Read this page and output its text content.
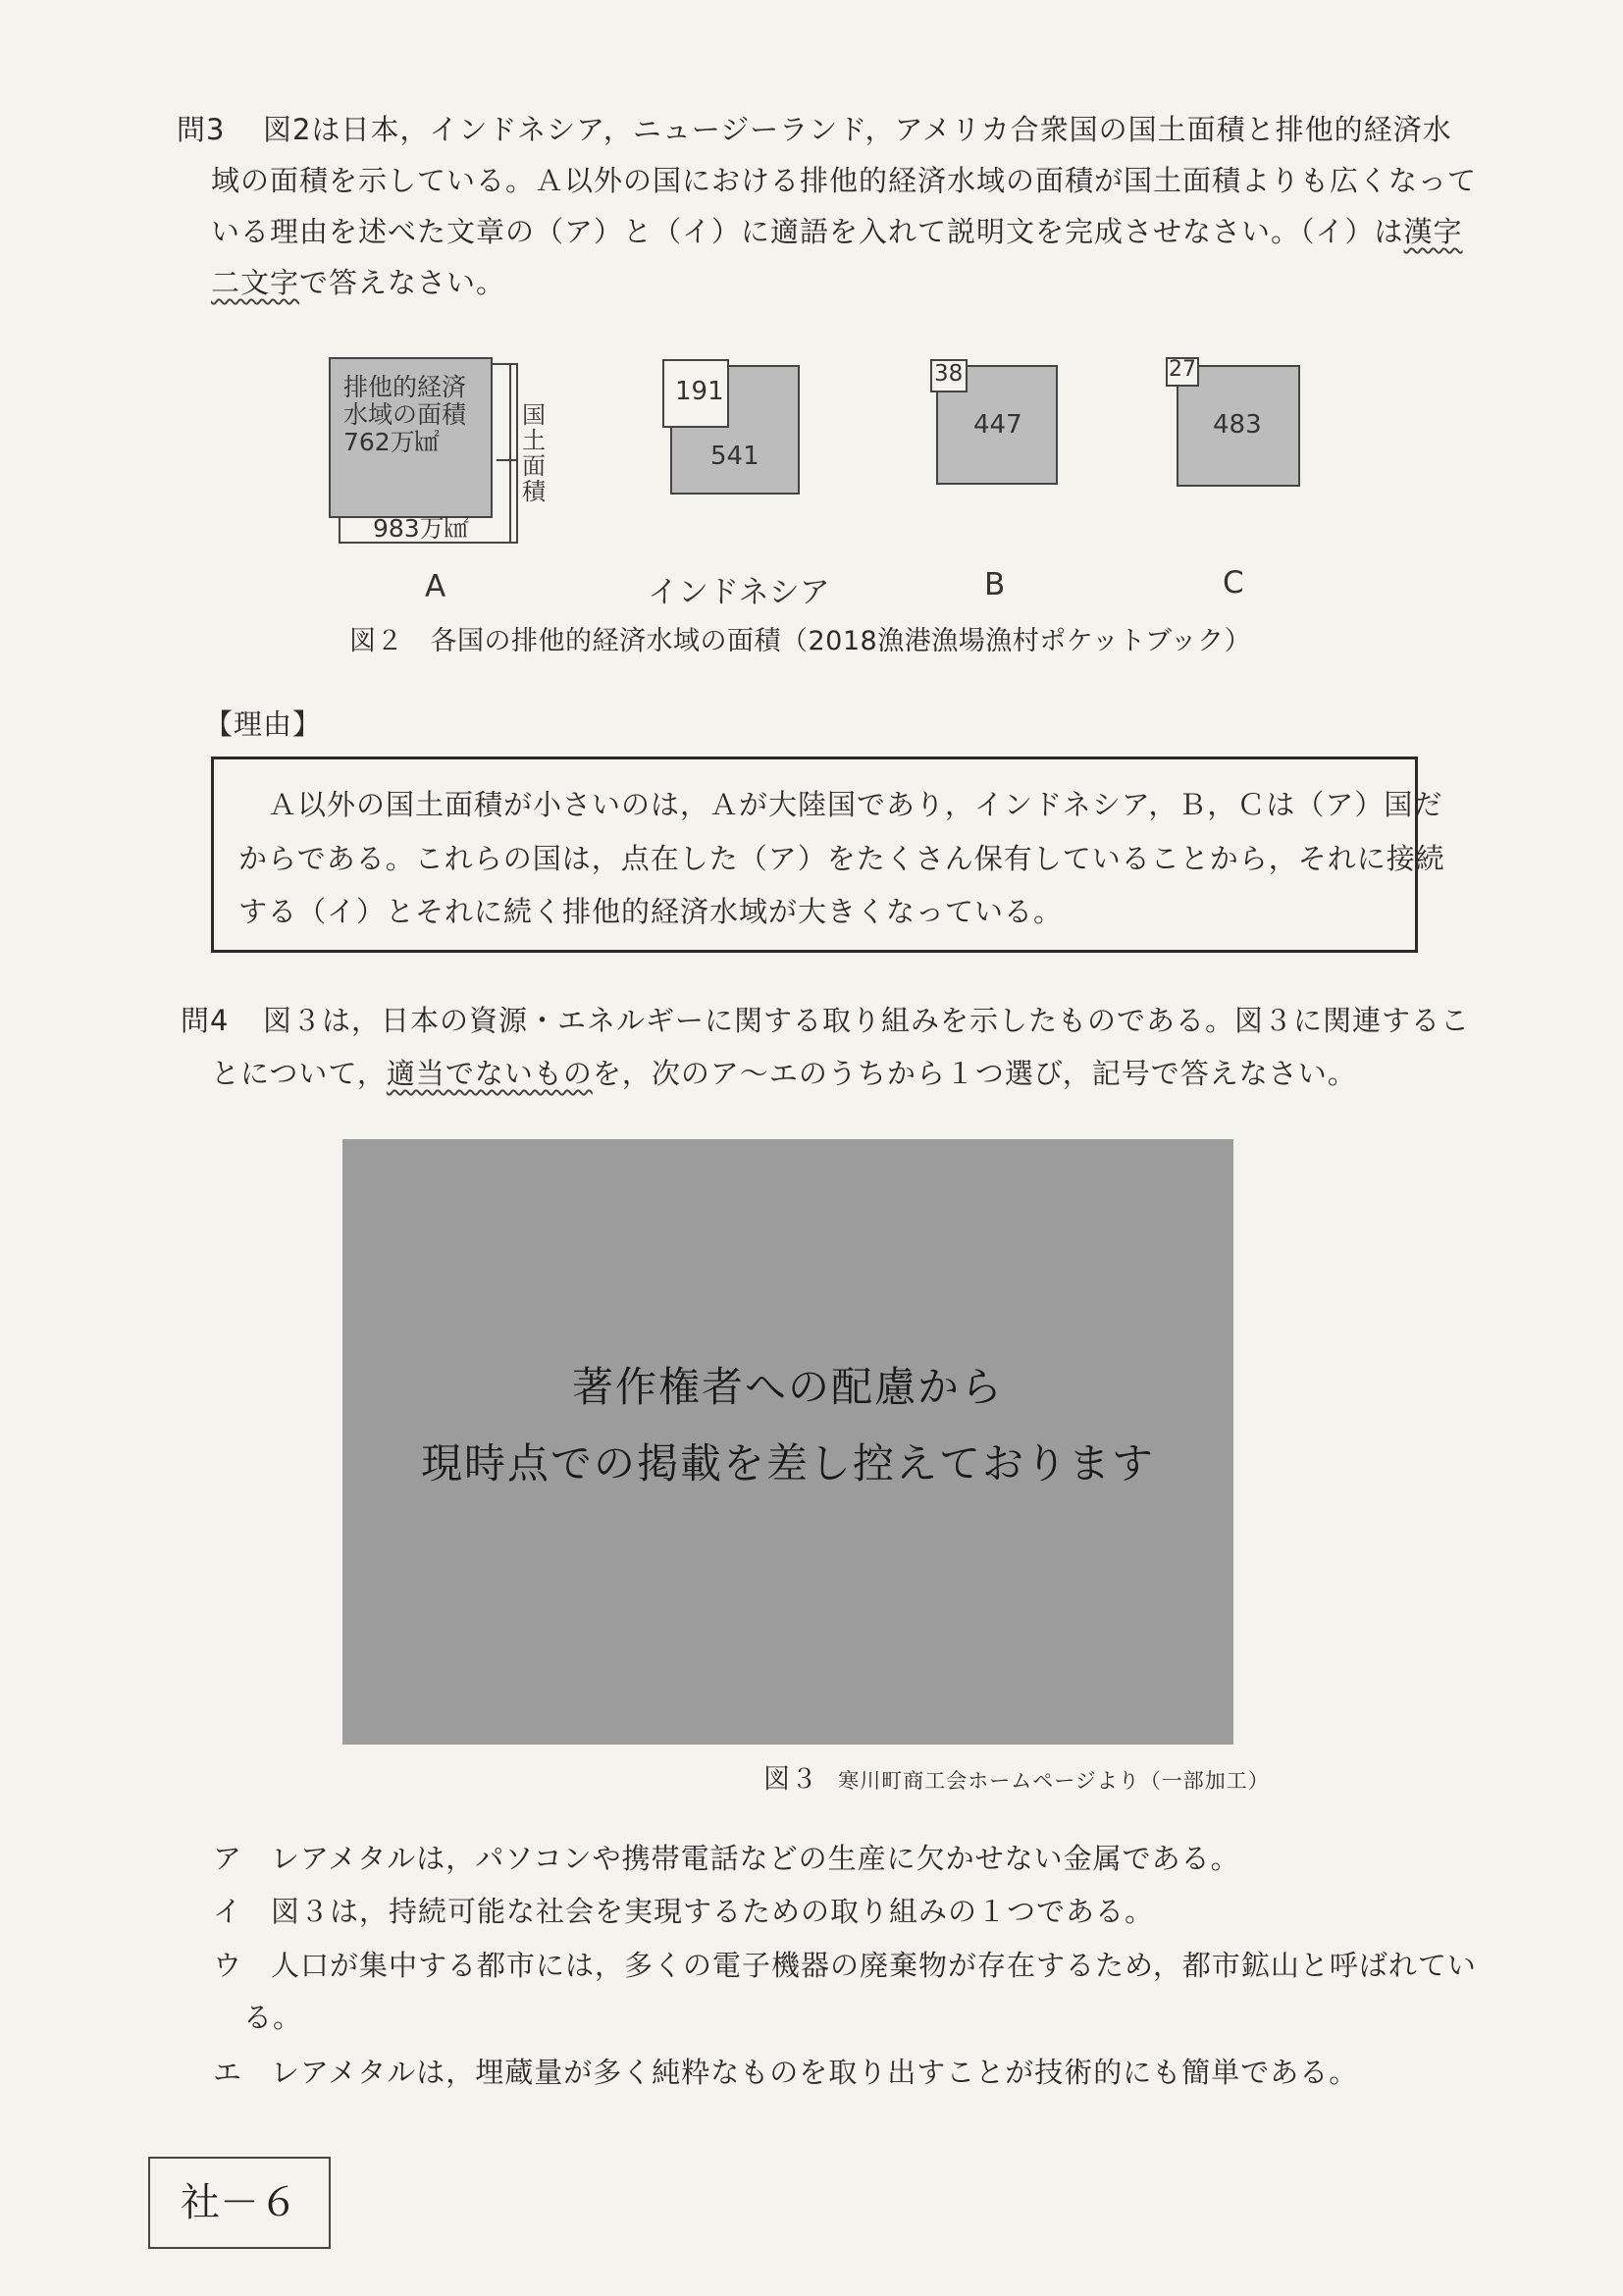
問3 図2は日本，インドネシア，ニュージーランド，アメリカ合衆国の国土面積と排他的経済水
域の面積を示している。Ａ以外の国における排他的経済水域の面積が国土面積よりも広くなって
いる理由を述べた文章の（ア）と（イ）に適語を入れて説明文を完成させなさい。（イ）は漢字
二文字で答えなさい。
排他的経済
水域の面積
762万㎢
983万㎢
国
土
面
積
191
541
38
447
27
483
A	インドネシア	B	C
図２　各国の排他的経済水域の面積（2018漁港漁場漁村ポケットブック）
【理由】
Ａ以外の国土面積が小さいのは，Ａが大陸国であり，インドネシア，Ｂ，Ｃは（ア）国だ
からである。これらの国は，点在した（ア）をたくさん保有していることから，それに接続
する（イ）とそれに続く排他的経済水域が大きくなっている。
問4 図３は，日本の資源・エネルギーに関する取り組みを示したものである。図３に関連するこ
とについて，適当でないものを，次のア～エのうちから１つ選び，記号で答えなさい。
著作権者への配慮から
現時点での掲載を差し控えております
図３ 寒川町商工会ホームページより（一部加工）
ア レアメタルは，パソコンや携帯電話などの生産に欠かせない金属である。
イ 図３は，持続可能な社会を実現するための取り組みの１つである。
ウ 人口が集中する都市には，多くの電子機器の廃棄物が存在するため，都市鉱山と呼ばれてい
る。
エ レアメタルは，埋蔵量が多く純粋なものを取り出すことが技術的にも簡単である。
社－６
